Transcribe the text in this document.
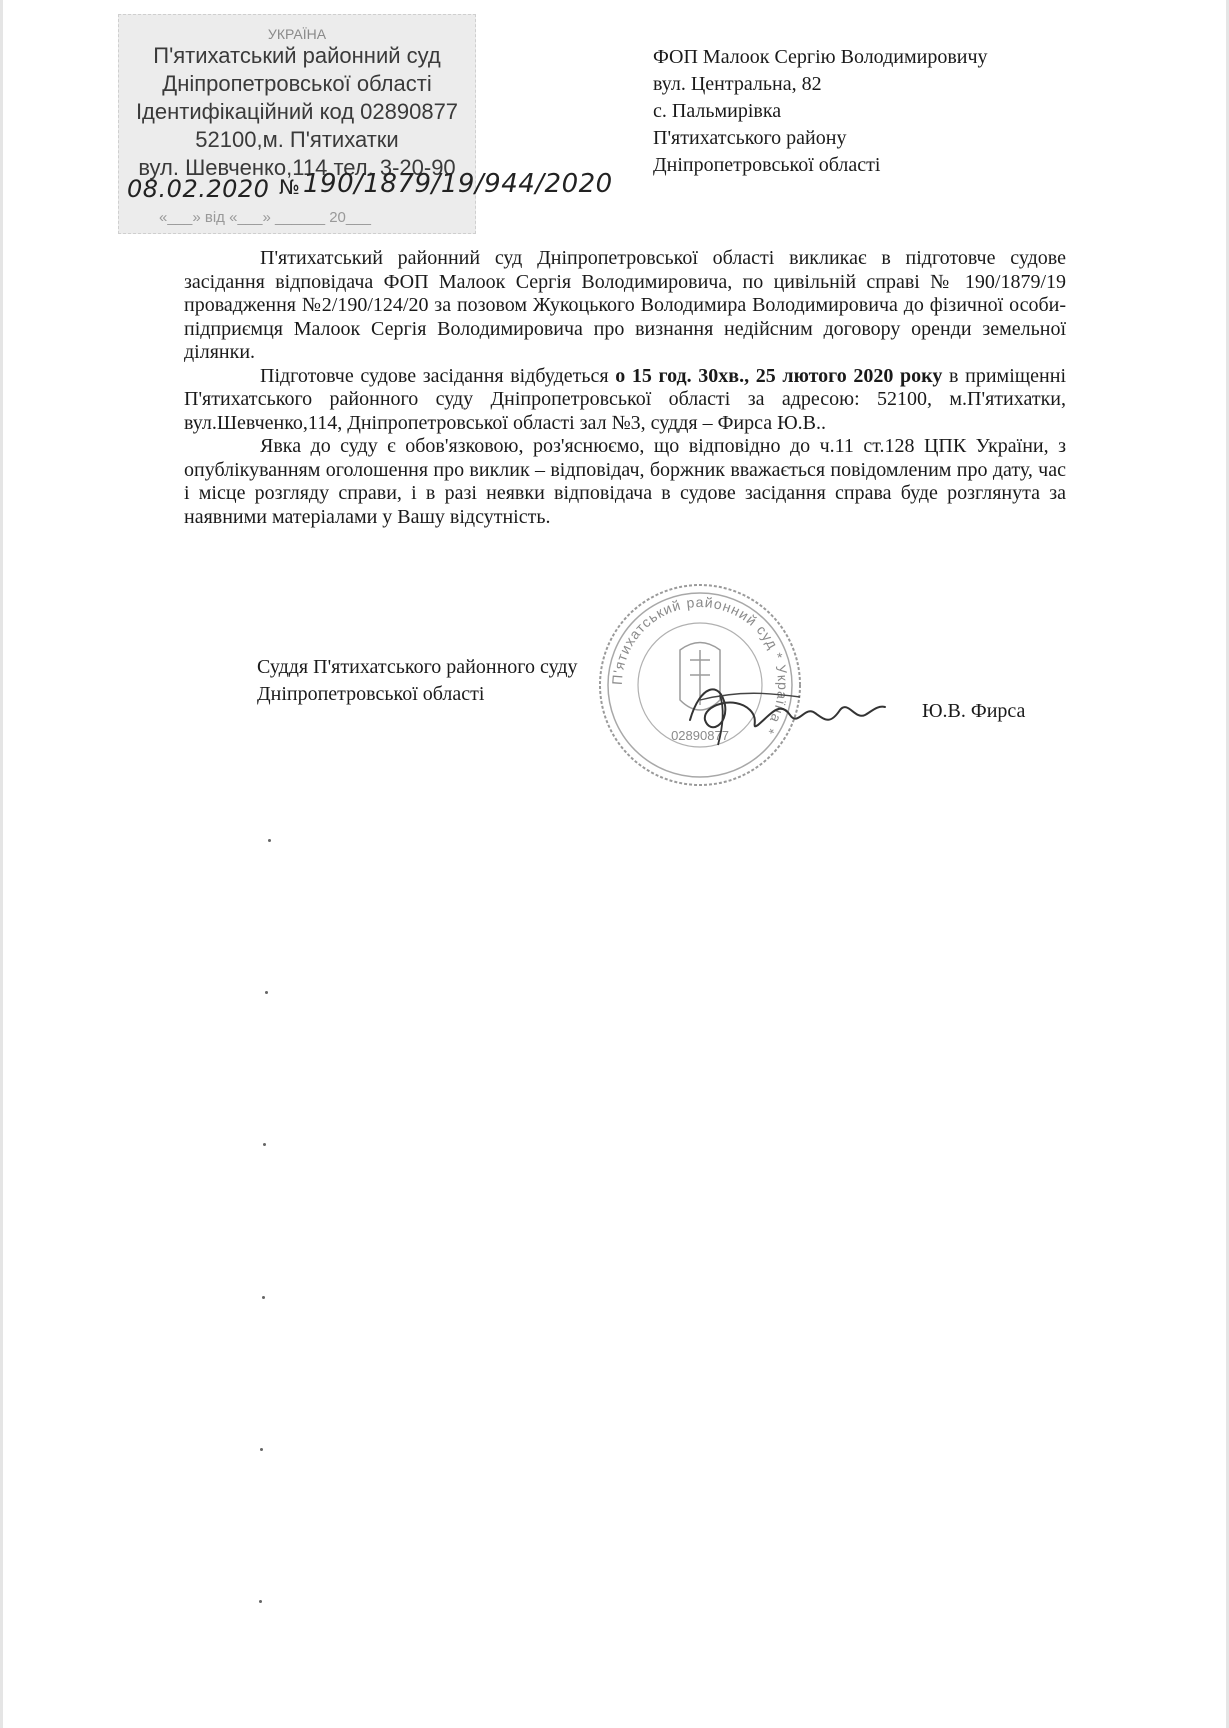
УКРАЇНА
П'ятихатський районний суд
Дніпропетровської області
Ідентифікаційний код 02890877
52100,м. П'ятихатки
вул. Шевченко,114 тел. 3-20-90
08.02.2020 № 190/1879/19/944/2020
«___» від «___» ______ 20___
ФОП Малоок Сергію Володимировичу
вул. Центральна, 82
с. Пальмирівка
П'ятихатського району
Дніпропетровської області

П'ятихатський районний суд Дніпропетровської області викликає в підготовче судове засідання відповідача ФОП Малоок Сергія Володимировича, по цивільній справі № 190/1879/19 провадження №2/190/124/20 за позовом Жукоцького Володимира Володимировича до фізичної особи-підприємця Малоок Сергія Володимировича про визнання недійсним договору оренди земельної ділянки.

Підготовче судове засідання відбудеться о 15 год. 30хв., 25 лютого 2020 року в приміщенні П'ятихатського районного суду Дніпропетровської області за адресою: 52100, м.П'ятихатки, вул.Шевченко,114, Дніпропетровської області зал №3, суддя – Фирса Ю.В..

Явка до суду є обов'язковою, роз'яснюємо, що відповідно до ч.11 ст.128 ЦПК України, з опублікуванням оголошення про виклик – відповідач, боржник вважається повідомленим про дату, час і місце розгляду справи, і в разі неявки відповідача в судове засідання справа буде розглянута за наявними матеріалами у Вашу відсутність.

П'ятихатський районний суд * Україна *
02890877
Суддя П'ятихатського районного суду
Дніпропетровської області
Ю.В. Фирса
